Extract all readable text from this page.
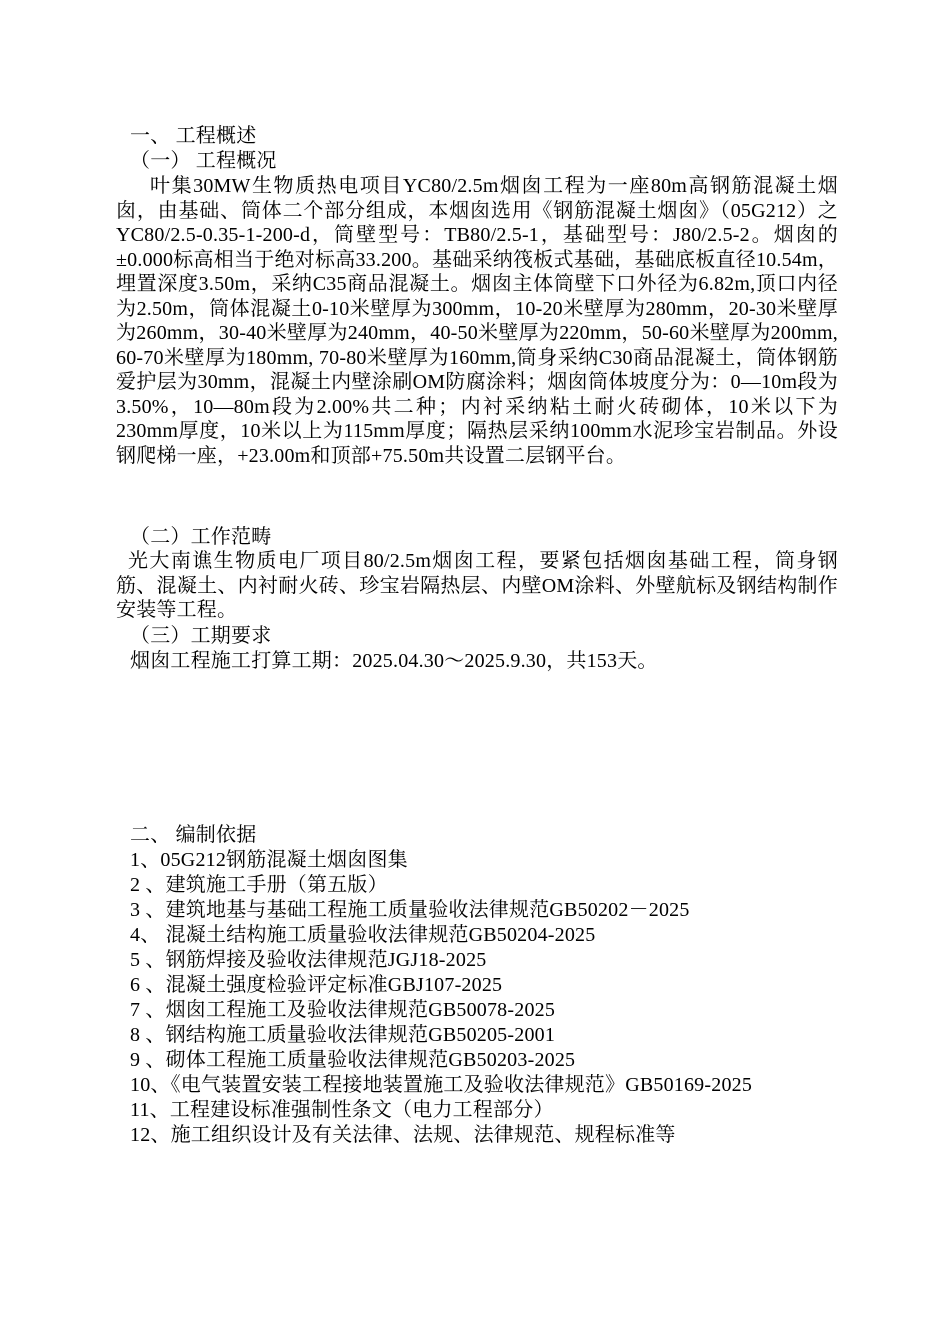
一、 工程概述
（一） 工程概况
叶集30MW生物质热电项目YC80/2.5m烟囱工程为一座80m高钢筋混凝土烟囱，由基础、筒体二个部分组成，本烟囱选用《钢筋混凝土烟囱》（05G212）之YC80/2.5-0.35-1-200-d，筒壁型号：TB80/2.5-1，基础型号：J80/2.5-2。烟囱的±0.000标高相当于绝对标高33.200。基础采纳筏板式基础，基础底板直径10.54m，埋置深度3.50m，采纳C35商品混凝土。烟囱主体筒壁下口外径为6.82m,顶口内径为2.50m，筒体混凝土0-10米壁厚为300mm，10-20米壁厚为280mm，20-30米壁厚为260mm，30-40米壁厚为240mm，40-50米壁厚为220mm，50-60米壁厚为200mm, 60-70米壁厚为180mm, 70-80米壁厚为160mm,筒身采纳C30商品混凝土，筒体钢筋爱护层为30mm，混凝土内壁涂刷OM防腐涂料；烟囱筒体坡度分为：0—10m段为3.50%，10—80m段为2.00%共二种；内衬采纳粘土耐火砖砌体，10米以下为230mm厚度，10米以上为115mm厚度；隔热层采纳100mm水泥珍宝岩制品。外设钢爬梯一座，+23.00m和顶部+75.50m共设置二层钢平台。
（二）工作范畴
光大南谯生物质电厂项目80/2.5m烟囱工程，要紧包括烟囱基础工程，筒身钢筋、混凝土、内衬耐火砖、珍宝岩隔热层、内壁OM涂料、外壁航标及钢结构制作安装等工程。
（三）工期要求
烟囱工程施工打算工期：2025.04.30～2025.9.30，共153天。
二、 编制依据
1、05G212钢筋混凝土烟囱图集
2 、建筑施工手册（第五版）
3 、建筑地基与基础工程施工质量验收法律规范GB50202－2025
4、 混凝土结构施工质量验收法律规范GB50204-2025
5 、钢筋焊接及验收法律规范JGJ18-2025
6 、混凝土强度检验评定标准GBJ107-2025
7 、烟囱工程施工及验收法律规范GB50078-2025
8 、钢结构施工质量验收法律规范GB50205-2001
9 、砌体工程施工质量验收法律规范GB50203-2025
10、《电气装置安装工程接地装置施工及验收法律规范》GB50169-2025
11、工程建设标准强制性条文（电力工程部分）
12、施工组织设计及有关法律、法规、法律规范、规程标准等
